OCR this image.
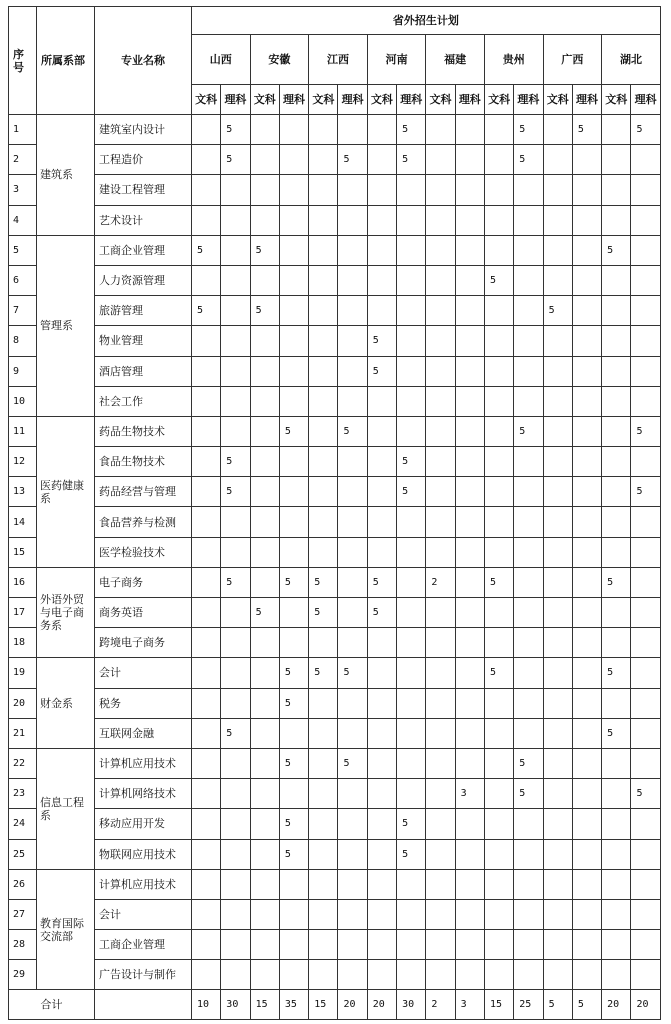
序号	所属系部	专业名称	省外招生计划															
			山西		安徽		江西		河南		福建		贵州		广西		湖北	
			文科	理科	文科	理科	文科	理科	文科	理科	文科	理科	文科	理科	文科	理科	文科	理科
1	建筑系	建筑室内设计		5						5				5		5		5
2		工程造价		5				5		5				5				
3		建设工程管理																
4		艺术设计																
5	管理系	工商企业管理	5		5												5	
6		人力资源管理											5					
7		旅游管理	5		5										5			
8		物业管理							5									
9		酒店管理							5									
10		社会工作																
11	医药健康系	药品生物技术				5		5						5				5
12		食品生物技术		5						5								
13		药品经营与管理		5						5								5
14		食品营养与检测																
15		医学检验技术																
16	外语外贸与电子商务系	电子商务		5		5	5		5		2		5				5	
17		商务英语			5		5		5									
18		跨境电子商务																
19	财金系	会计				5	5	5					5				5	
20		税务				5												
21		互联网金融		5													5	
22	信息工程系	计算机应用技术				5		5						5				
23		计算机网络技术										3		5				5
24		移动应用开发				5				5								
25		物联网应用技术				5				5								
26	教育国际交流部	计算机应用技术																
27		会计																
28		工商企业管理																
29		广告设计与制作																
合计			10	30	15	35	15	20	20	30	2	3	15	25	5	5	20	20
